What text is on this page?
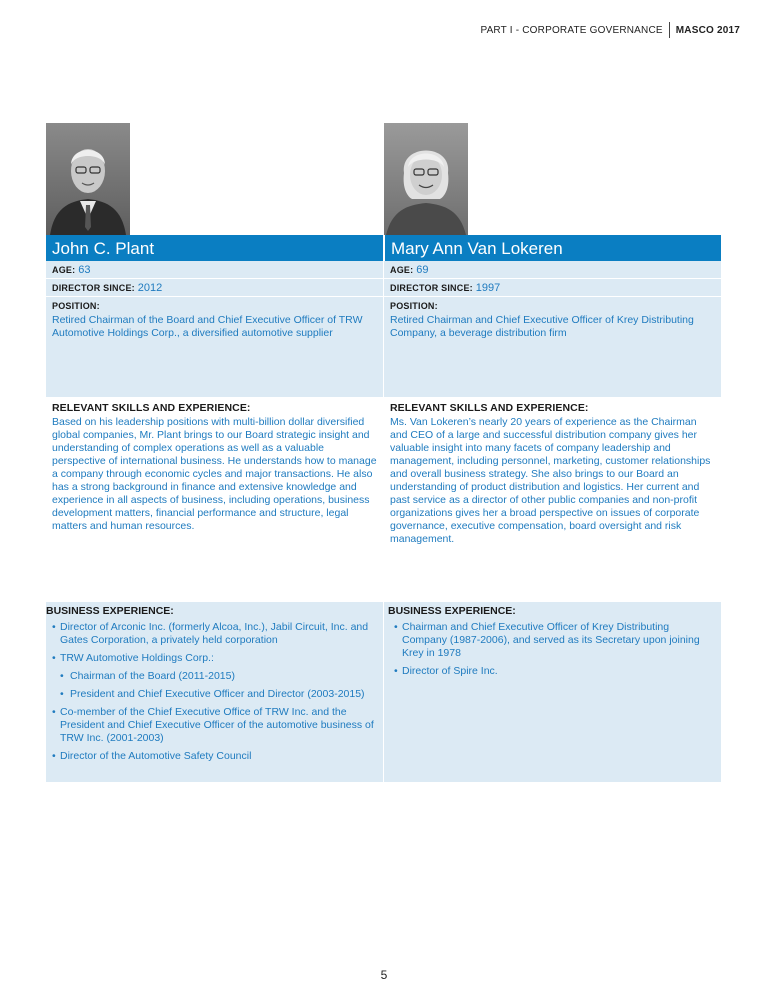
PART I - CORPORATE GOVERNANCE MASCO 2017
John C. Plant	Mary Ann Van Lokeren
AGE: 63
DIRECTOR SINCE: 2012
POSITION:
Retired Chairman of the Board and Chief Executive Officer of TRW Automotive Holdings Corp., a diversified automotive supplier
AGE: 69
DIRECTOR SINCE: 1997
POSITION:
Retired Chairman and Chief Executive Officer of Krey Distributing Company, a beverage distribution firm
RELEVANT SKILLS AND EXPERIENCE:
Based on his leadership positions with multi-billion dollar diversified global companies, Mr. Plant brings to our Board strategic insight and understanding of complex operations as well as a valuable perspective of international business. He understands how to manage a company through economic cycles and major transactions. He also has a strong background in finance and extensive knowledge and experience in all aspects of business, including operations, business development matters, financial performance and structure, legal matters and human resources.
RELEVANT SKILLS AND EXPERIENCE:
Ms. Van Lokeren’s nearly 20 years of experience as the Chairman and CEO of a large and successful distribution company gives her valuable insight into many facets of company leadership and management, including personnel, marketing, customer relationships and overall business strategy. She also brings to our Board an understanding of product distribution and logistics. Her current and past service as a director of other public companies and non-profit organizations gives her a broad perspective on issues of corporate governance, executive compensation, board oversight and risk management.
BUSINESS EXPERIENCE:
• Director of Arconic Inc. (formerly Alcoa, Inc.), Jabil Circuit, Inc. and Gates Corporation, a privately held corporation
• TRW Automotive Holdings Corp.:
• Chairman of the Board (2011-2015)
• President and Chief Executive Officer and Director (2003-2015)
• Co-member of the Chief Executive Office of TRW Inc. and the President and Chief Executive Officer of the automotive business of TRW Inc. (2001-2003)
• Director of the Automotive Safety Council
BUSINESS EXPERIENCE:
• Chairman and Chief Executive Officer of Krey Distributing Company (1987-2006), and served as its Secretary upon joining Krey in 1978
• Director of Spire Inc.
5
